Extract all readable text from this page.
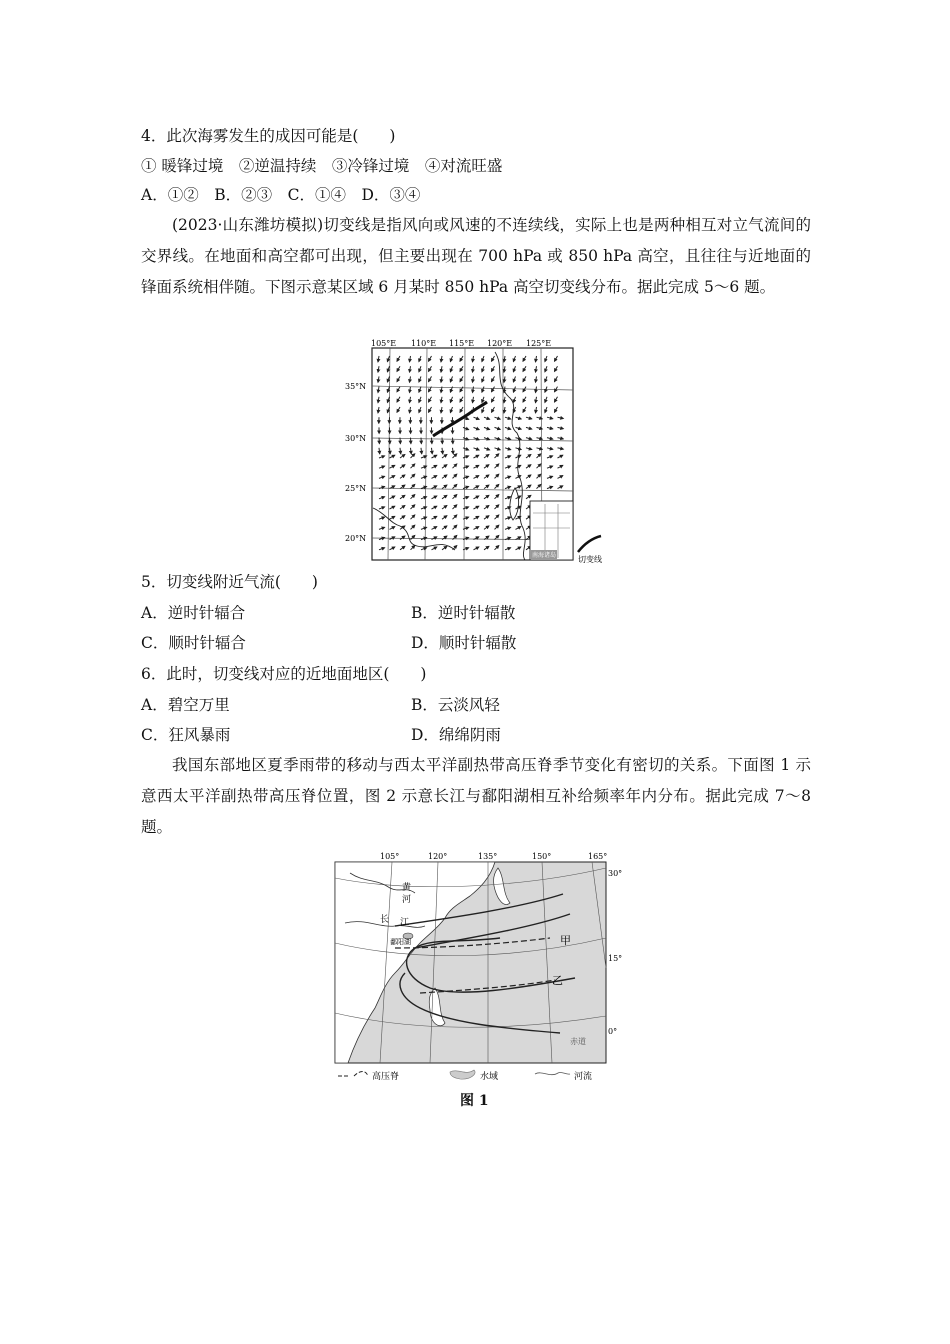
4．此次海雾发生的成因可能是(　　)
① 暖锋过境　②逆温持续　③冷锋过境　④对流旺盛
A．①②　B．②③　C．①④　D．③④
(2023·山东潍坊模拟)切变线是指风向或风速的不连续线，实际上也是两种相互对立气流间的交界线。在地面和高空都可出现，但主要出现在 700 hPa 或 850 hPa 高空，且往往与近地面的锋面系统相伴随。下图示意某区域 6 月某时 850 hPa 高空切变线分布。据此完成 5～6 题。
南海诸岛	切变线
105°E 110°E 115°E 120°E 125°E
35°N
30°N
25°N
20°N
5．切变线附近气流(　　)
A．逆时针辐合	B．逆时针辐散
C．顺时针辐合	D．顺时针辐散
6．此时，切变线对应的近地面地区(　　)
A．碧空万里	B．云淡风轻
C．狂风暴雨	D．绵绵阴雨
我国东部地区夏季雨带的移动与西太平洋副热带高压脊季节变化有密切的关系。下面图 1 示意西太平洋副热带高压脊位置，图 2 示意长江与鄱阳湖相互补给频率年内分布。据此完成 7～8 题。
黄
河
长 江
鄱阳湖	甲
乙
赤道
105°	120°	135°	150°	165°
30°
15°
0°
高压脊	水域	河流
图 1
